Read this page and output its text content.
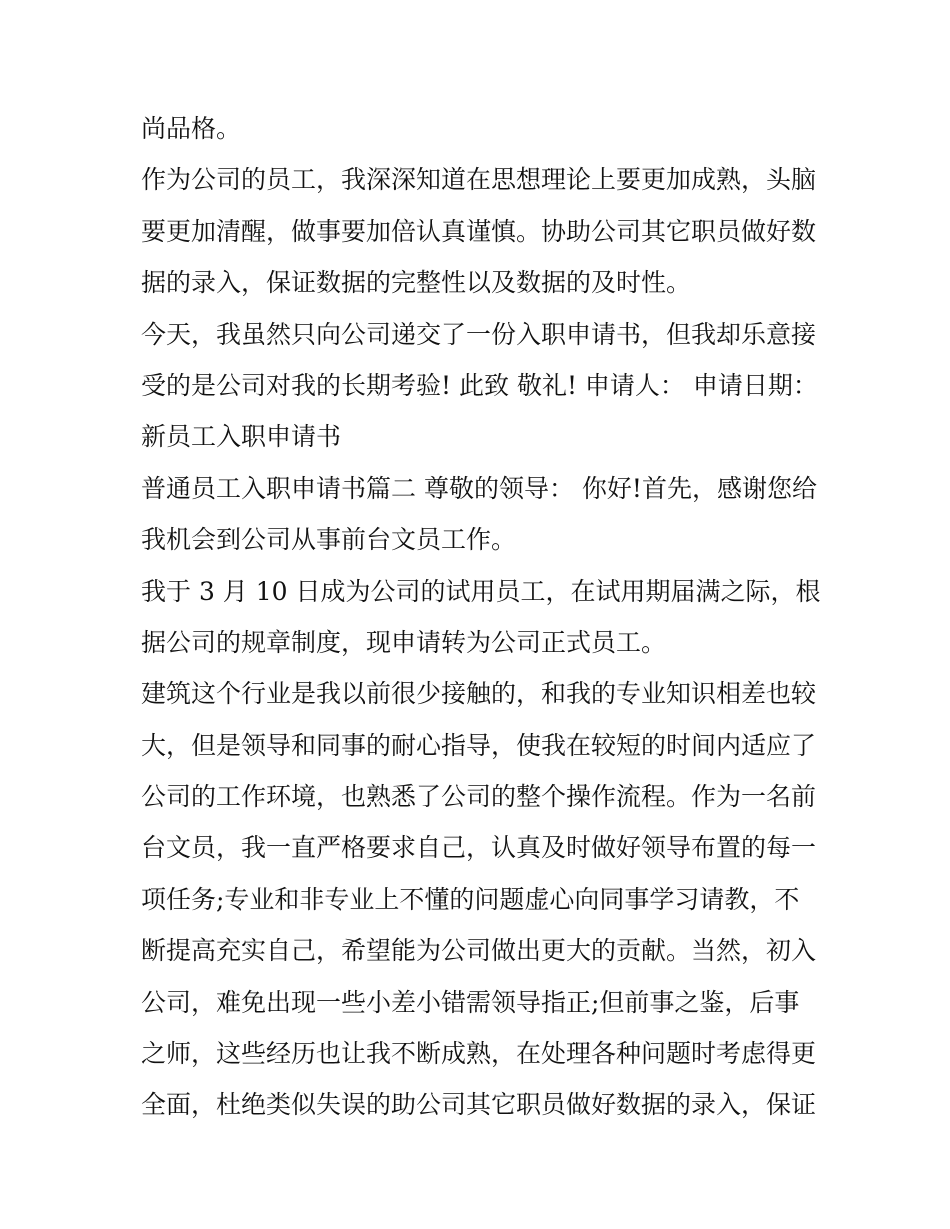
尚品格。
作为公司的员工，我深深知道在思想理论上要更加成熟，头脑
要更加清醒，做事要加倍认真谨慎。协助公司其它职员做好数
据的录入，保证数据的完整性以及数据的及时性。
今天，我虽然只向公司递交了一份入职申请书，但我却乐意接
受的是公司对我的长期考验! 此致 敬礼! 申请人： 申请日期：
新员工入职申请书
普通员工入职申请书篇二 尊敬的领导： 你好!首先，感谢您给
我机会到公司从事前台文员工作。
我于 3 月 10 日成为公司的试用员工，在试用期届满之际，根
据公司的规章制度，现申请转为公司正式员工。
建筑这个行业是我以前很少接触的，和我的专业知识相差也较
大，但是领导和同事的耐心指导，使我在较短的时间内适应了
公司的工作环境，也熟悉了公司的整个操作流程。作为一名前
台文员，我一直严格要求自己，认真及时做好领导布置的每一
项任务;专业和非专业上不懂的问题虚心向同事学习请教，不
断提高充实自己，希望能为公司做出更大的贡献。当然，初入
公司，难免出现一些小差小错需领导指正;但前事之鉴，后事
之师，这些经历也让我不断成熟，在处理各种问题时考虑得更
全面，杜绝类似失误的助公司其它职员做好数据的录入，保证
